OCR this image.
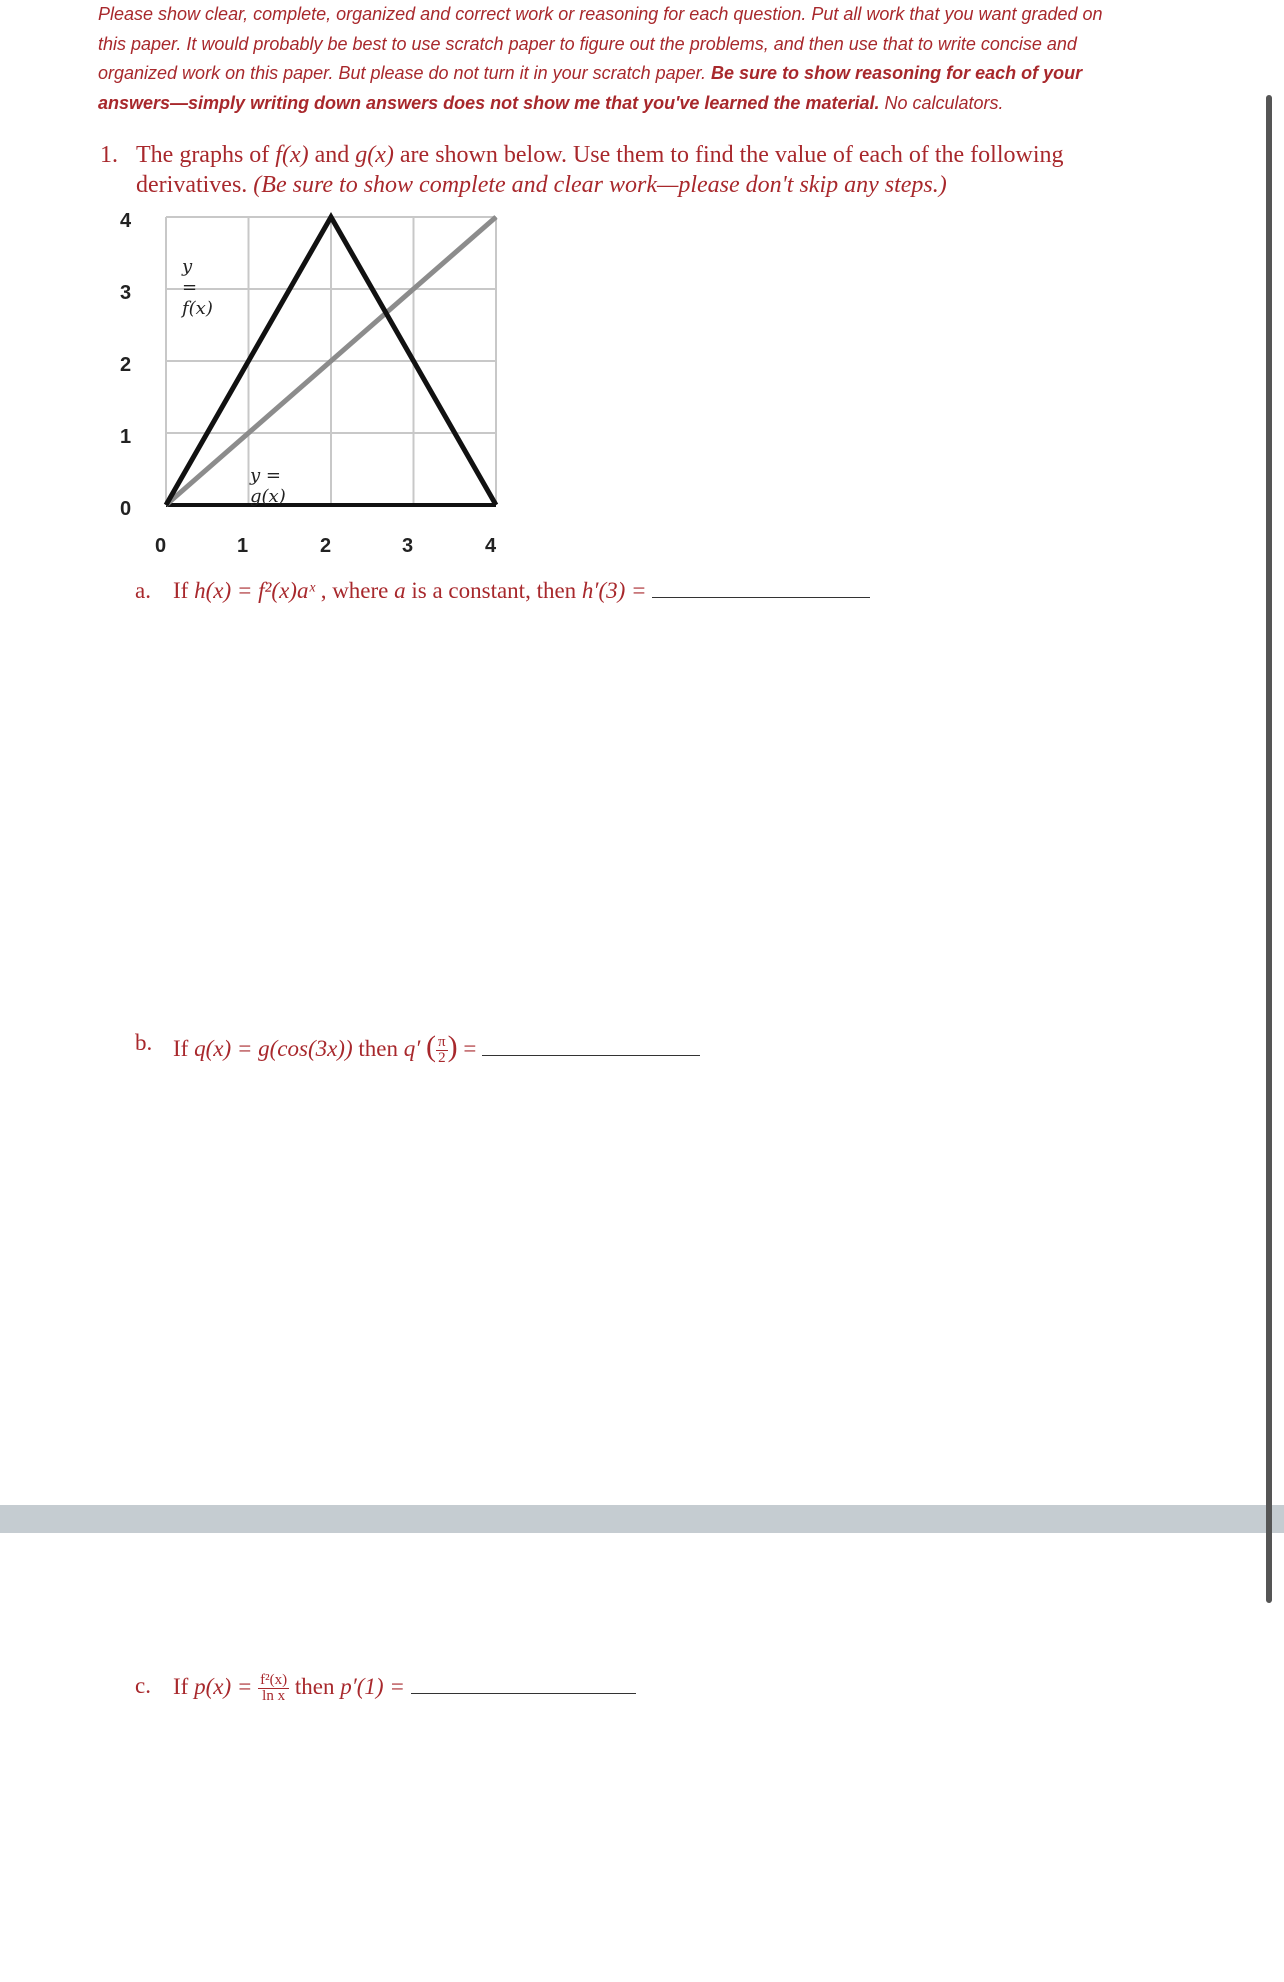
Please show clear, complete, organized and correct work or reasoning for each question. Put all work that you want graded on
this paper. It would probably be best to use scratch paper to figure out the problems, and then use that to write concise and
organized work on this paper. But please do not turn it in your scratch paper. Be sure to show reasoning for each of your
answers—simply writing down answers does not show me that you've learned the material. No calculators.
1. The graphs of f(x) and g(x) are shown below. Use them to find the value of each of the following
derivatives. (Be sure to show complete and clear work—please don't skip any steps.)
4
3
2
1
0
y = f(x)
y = g(x)
0	1	2	3	4
a. If h(x) = f²(x)aˣ , where a is a constant, then h′(3) =
b. If q(x) = g(cos(3x)) then q′ ( $\frac{\pi}{2}$ ) =
c. If $p(x) = \frac{\text{f²(x)}}{\text{ln x}}$ then p′(1) =
